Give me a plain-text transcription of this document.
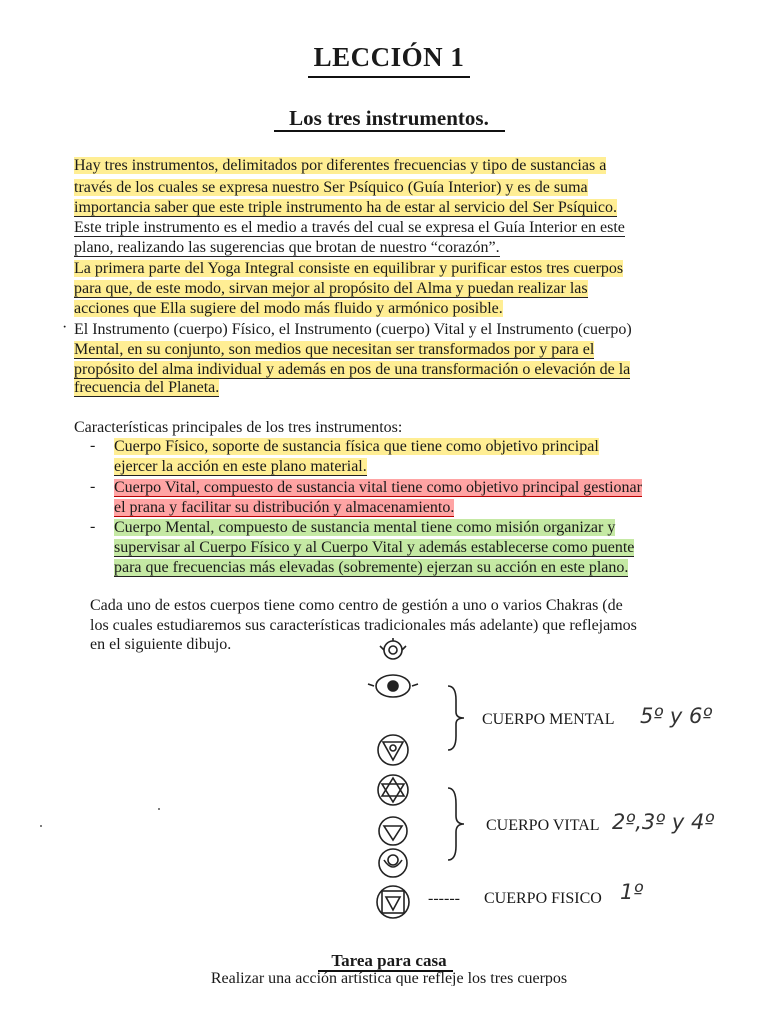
LECCIÓN 1
Los tres instrumentos.
Hay tres instrumentos, delimitados por diferentes frecuencias y tipo de sustancias a
través de los cuales se expresa nuestro Ser Psíquico (Guía Interior) y es de suma
importancia saber que este triple instrumento ha de estar al servicio del Ser Psíquico.
Este triple instrumento es el medio a través del cual se expresa el Guía Interior en este
plano, realizando las sugerencias que brotan de nuestro “corazón”.
La primera parte del Yoga Integral consiste en equilibrar y purificar estos tres cuerpos
para que, de este modo, sirvan mejor al propósito del Alma y puedan realizar las
acciones que Ella sugiere del modo más fluido y armónico posible.
· El Instrumento (cuerpo) Físico, el Instrumento (cuerpo) Vital y el Instrumento (cuerpo)
Mental, en su conjunto, son medios que necesitan ser transformados por y para el
propósito del alma individual y además en pos de una transformación o elevación de la
frecuencia del Planeta.
Características principales de los tres instrumentos:
- Cuerpo Físico, soporte de sustancia física que tiene como objetivo principal
ejercer la acción en este plano material.
- Cuerpo Vital, compuesto de sustancia vital tiene como objetivo principal gestionar
el prana y facilitar su distribución y almacenamiento.
- Cuerpo Mental, compuesto de sustancia mental tiene como misión organizar y
supervisar al Cuerpo Físico y al Cuerpo Vital y además establecerse como puente
para que frecuencias más elevadas (sobremente) ejerzan su acción en este plano.
Cada uno de estos cuerpos tiene como centro de gestión a uno o varios Chakras (de
los cuales estudiaremos sus características tradicionales más adelante) que reflejamos
en el siguiente dibujo.
CUERPO MENTAL 5º y 6º
CUERPO VITAL 2º,3º y 4º
------ CUERPO FISICO 1º
Tarea para casa
Realizar una acción artística que refleje los tres cuerpos
